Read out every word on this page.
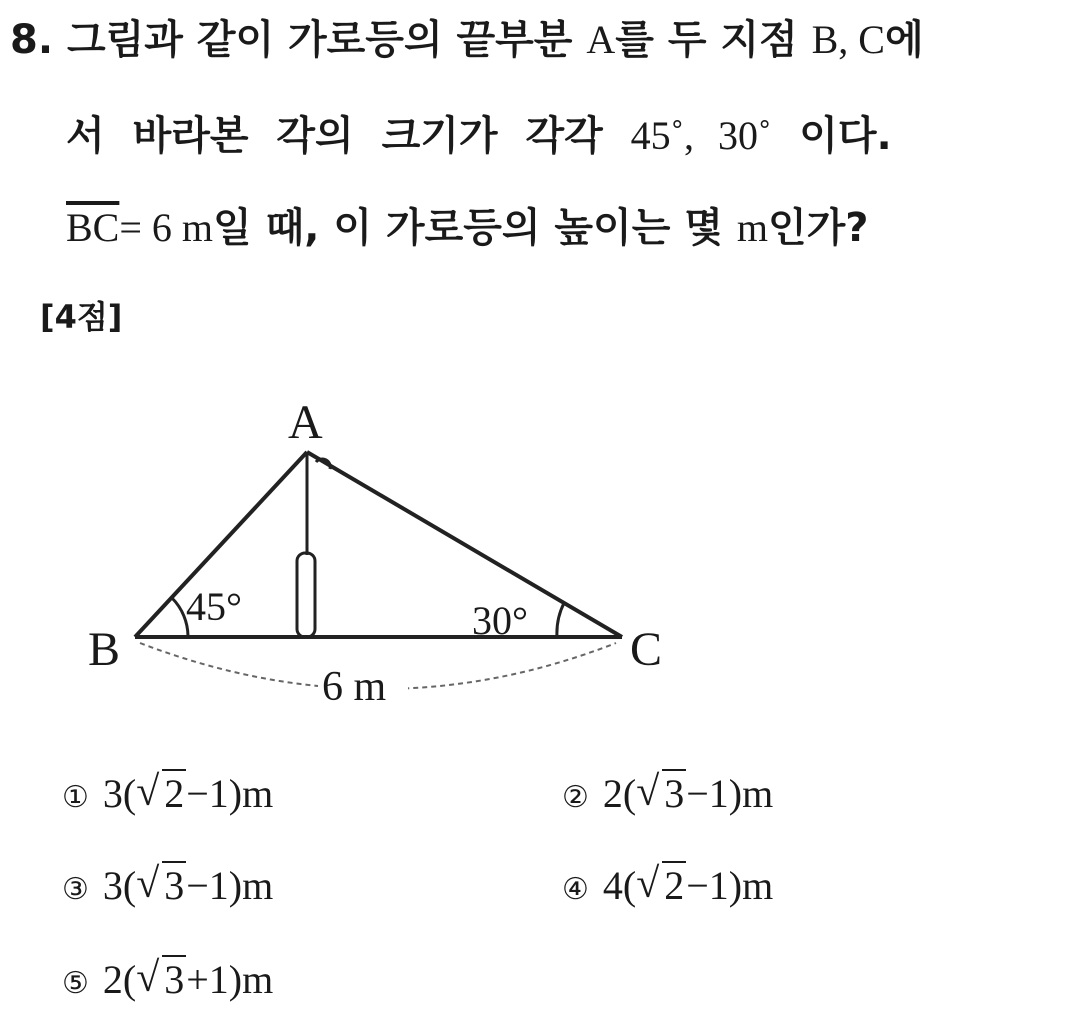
8. 그림과 같이 가로등의 끝부분 A를 두 지점 B, C에
서 바라본 각의 크기가 각각 45˚, 30˚ 이다.
$\overline{BC}= 6$ m일 때, 이 가로등의 높이는 몇 m인가?
[4점]
A
B	C
45°	30°
6 m
① 3( √ 2−1)m	② 2( √ 3−1)m
③ 3( √ 3−1)m	④ 4( √ 2−1)m
⑤ 2( √ 3+1)m
